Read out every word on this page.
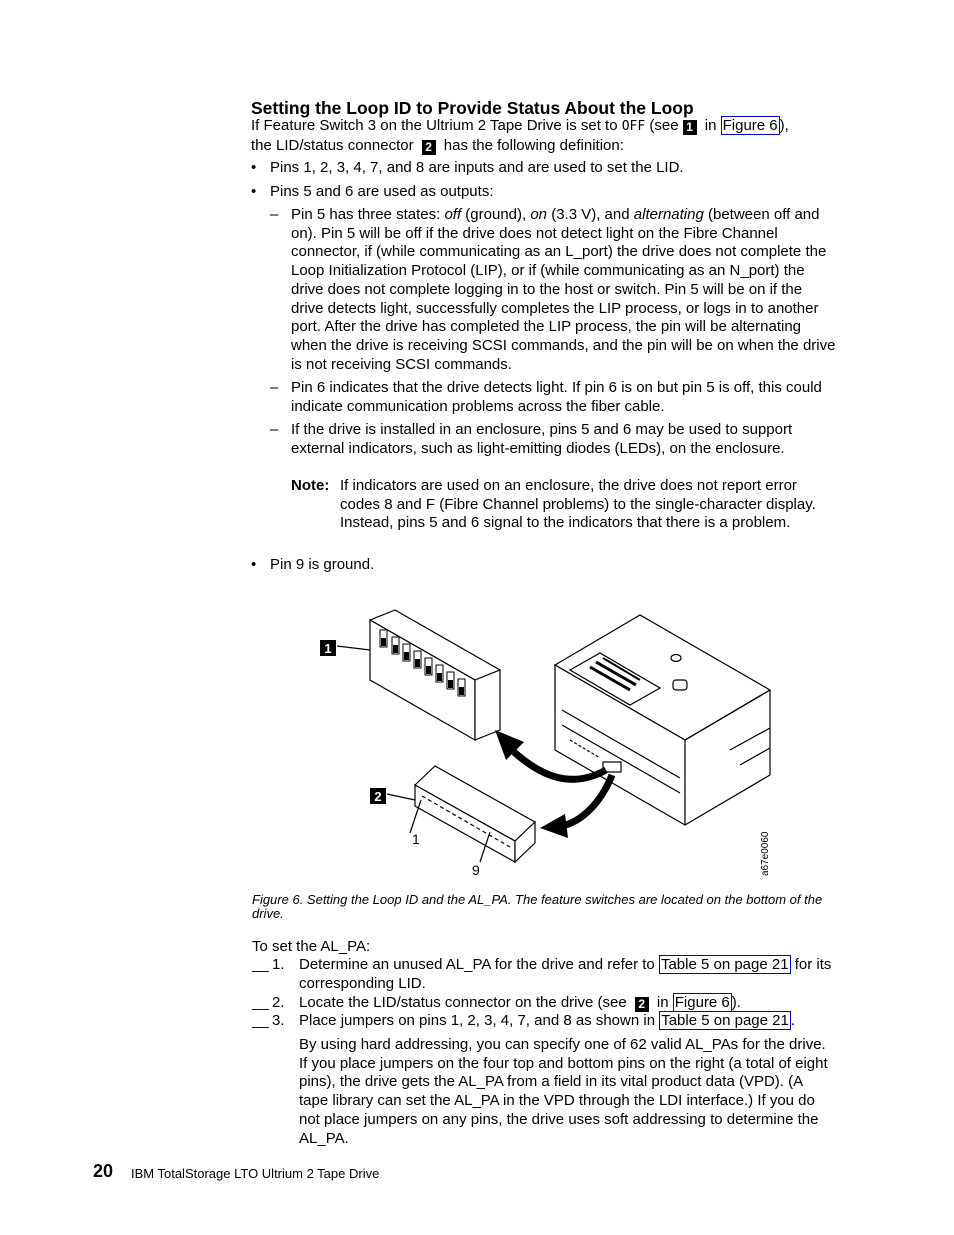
Setting the Loop ID to Provide Status About the Loop
If Feature Switch 3 on the Ultrium 2 Tape Drive is set to OFF (see 1 in Figure 6 ),
the LID/status connector 2 has the following definition:
• Pins 1, 2, 3, 4, 7, and 8 are inputs and are used to set the LID.
• Pins 5 and 6 are used as outputs:
– Pin 5 has three states: off (ground), on (3.3 V), and alternating (between off and on). Pin 5 will be off if the drive does not detect light on the Fibre Channel connector, if (while communicating as an L_port) the drive does not complete the Loop Initialization Protocol (LIP), or if (while communicating as an N_port) the drive does not complete logging in to the host or switch. Pin 5 will be on if the drive detects light, successfully completes the LIP process, or logs in to another port. After the drive has completed the LIP process, the pin will be alternating when the drive is receiving SCSI commands, and the pin will be on when the drive is not receiving SCSI commands.
– Pin 6 indicates that the drive detects light. If pin 6 is on but pin 5 is off, this could indicate communication problems across the fiber cable.
– If the drive is installed in an enclosure, pins 5 and 6 may be used to support external indicators, such as light-emitting diodes (LEDs), on the enclosure.
Note: If indicators are used on an enclosure, the drive does not report error codes 8 and F (Fibre Channel problems) to the single-character display. Instead, pins 5 and 6 signal to the indicators that there is a problem.
• Pin 9 is ground.
1
2
1
9	a67e0060
Figure 6. Setting the Loop ID and the AL_PA. The feature switches are located on the bottom of the drive.
To set the AL_PA:
__ 1. Determine an unused AL_PA for the drive and refer to Table 5 on page 21 for its corresponding LID.
__ 2. Locate the LID/status connector on the drive (see 2 in Figure 6 ).
__ 3. Place jumpers on pins 1, 2, 3, 4, 7, and 8 as shown in Table 5 on page 21 .
By using hard addressing, you can specify one of 62 valid AL_PAs for the drive. If you place jumpers on the four top and bottom pins on the right (a total of eight pins), the drive gets the AL_PA from a field in its vital product data (VPD). (A tape library can set the AL_PA in the VPD through the LDI interface.) If you do not place jumpers on any pins, the drive uses soft addressing to determine the AL_PA.
20 IBM TotalStorage LTO Ultrium 2 Tape Drive
